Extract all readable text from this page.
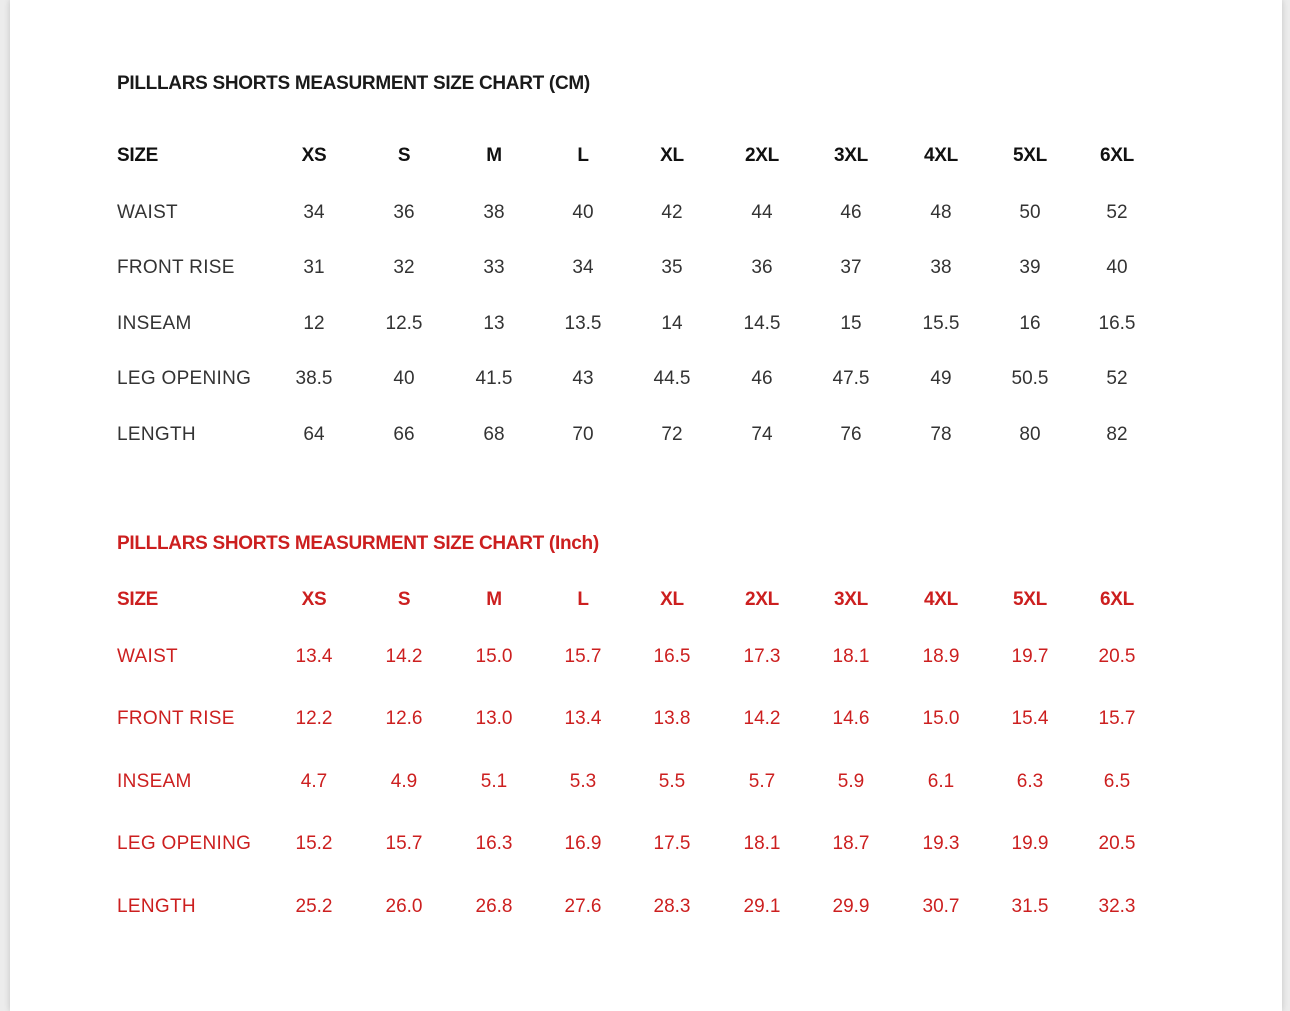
PILLLARS SHORTS MEASURMENT SIZE CHART (CM)
SIZE	XS	S	M	L	XL	2XL	3XL	4XL	5XL	6XL
WAIST	34	36	38	40	42	44	46	48	50	52
FRONT RISE	31	32	33	34	35	36	37	38	39	40
INSEAM	12	12.5	13	13.5	14	14.5	15	15.5	16	16.5
LEG OPENING 38.5	40	41.5	43	44.5	46	47.5	49	50.5	52
LENGTH	64	66	68	70	72	74	76	78	80	82
PILLLARS SHORTS MEASURMENT SIZE CHART (Inch)
SIZE	XS	S	M	L	XL	2XL	3XL	4XL	5XL	6XL
WAIST	13.4	14.2	15.0	15.7	16.5	17.3	18.1	18.9	19.7	20.5
FRONT RISE	12.2	12.6	13.0	13.4	13.8	14.2	14.6	15.0	15.4	15.7
INSEAM	4.7	4.9	5.1	5.3	5.5	5.7	5.9	6.1	6.3	6.5
LEG OPENING 15.2	15.7	16.3	16.9	17.5	18.1	18.7	19.3	19.9	20.5
LENGTH	25.2	26.0	26.8	27.6	28.3	29.1	29.9	30.7	31.5	32.3
